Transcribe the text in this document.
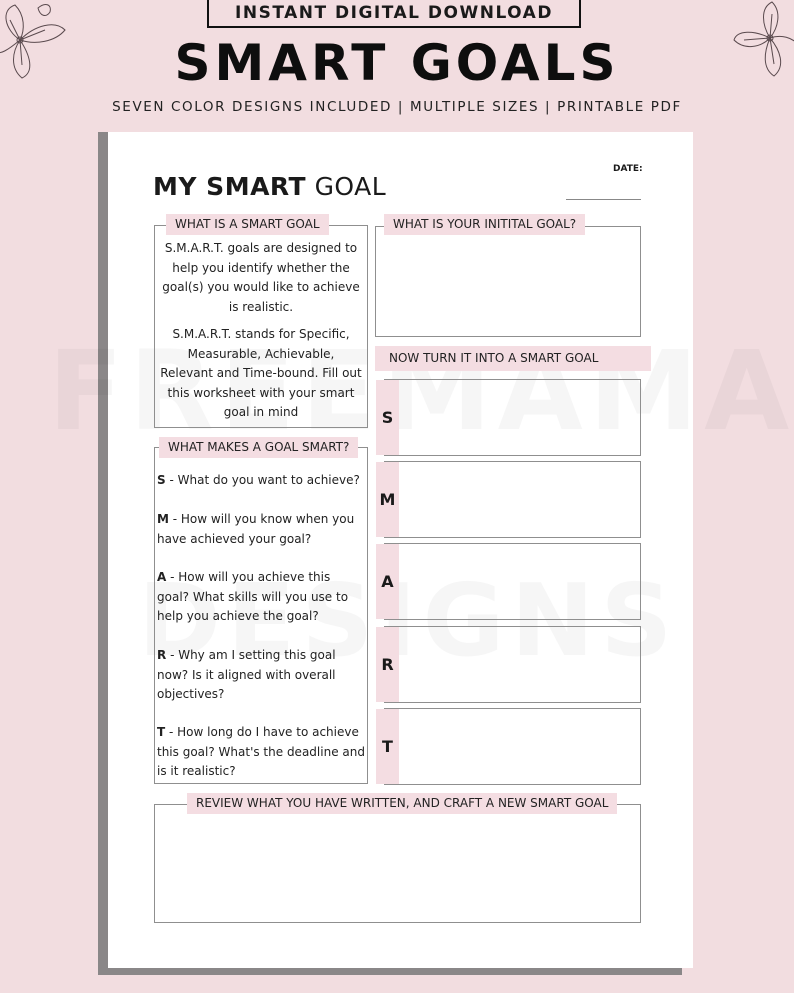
INSTANT DIGITAL DOWNLOAD
SMART GOALS
SEVEN COLOR DESIGNS INCLUDED | MULTIPLE SIZES | PRINTABLE PDF
MY SMART GOAL
DATE:
WHAT IS A SMART GOAL
S.M.A.R.T. goals are designed to help you identify whether the goal(s) you would like to achieve is realistic.
S.M.A.R.T. stands for Specific, Measurable, Achievable, Relevant and Time-bound. Fill out this worksheet with your smart goal in mind
WHAT MAKES A GOAL SMART?
S - What do you want to achieve?
M - How will you know when you have achieved your goal?
A - How will you achieve this goal? What skills will you use to help you achieve the goal?
R - Why am I setting this goal now? Is it aligned with overall objectives?
T - How long do I have to achieve this goal? What's the deadline and is it realistic?
WHAT IS YOUR INITITAL GOAL?
NOW TURN IT INTO A SMART GOAL
S
M
A
R
T
REVIEW WHAT YOU HAVE WRITTEN, AND CRAFT A NEW SMART GOAL
